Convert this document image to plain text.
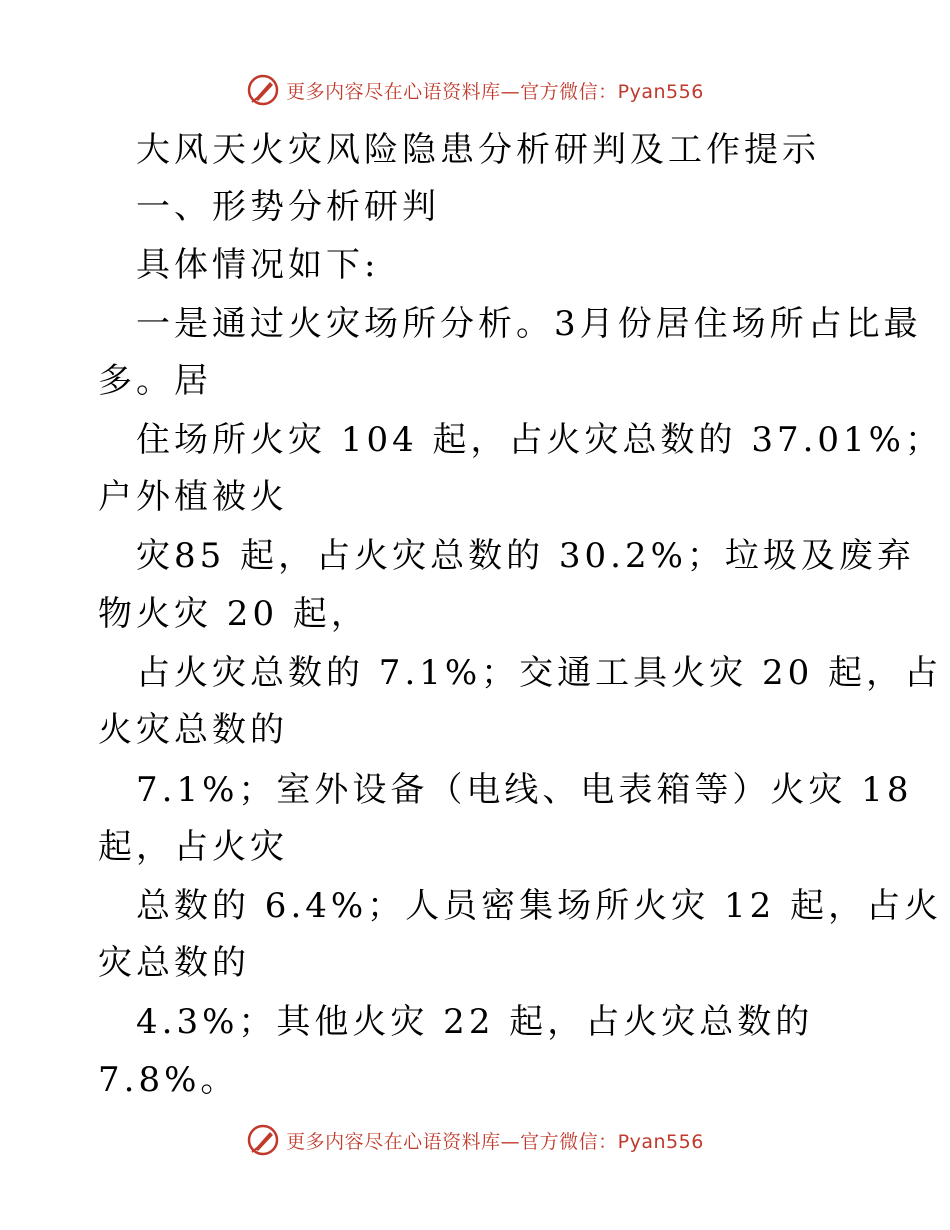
更多内容尽在心语资料库—官方微信：Pyan556
大风天火灾风险隐患分析研判及工作提示
一、形势分析研判
具体情况如下:
一是通过火灾场所分析。3月份居住场所占比最
多。居
住场所火灾 104 起，占火灾总数的 37.01%；
户外植被火
灾85 起，占火灾总数的 30.2%；垃圾及废弃
物火灾 20 起，
占火灾总数的 7.1%；交通工具火灾 20 起，占
火灾总数的
7.1%；室外设备（电线、电表箱等）火灾 18
起，占火灾
总数的 6.4%；人员密集场所火灾 12 起，占火
灾总数的
4.3%；其他火灾 22 起，占火灾总数的
7.8%。
更多内容尽在心语资料库—官方微信：Pyan556
